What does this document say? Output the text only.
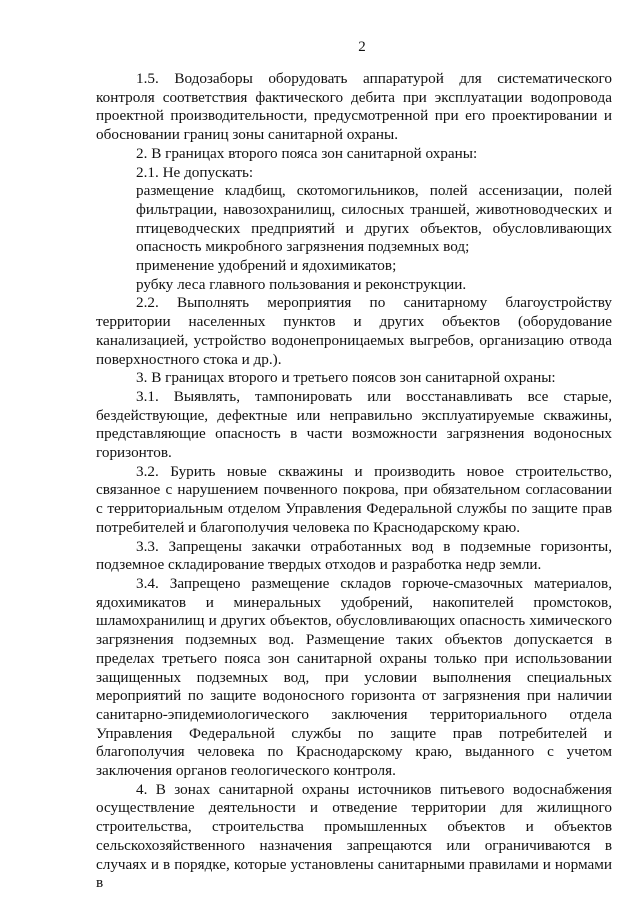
2

1.5. Водозаборы оборудовать аппаратурой для систематического контроля соответствия фактического дебита при эксплуатации водопровода проектной производительности, предусмотренной при его проектировании и обосновании границ зоны санитарной охраны.

2. В границах второго пояса зон санитарной охраны:

2.1. Не допускать:

размещение кладбищ, скотомогильников, полей ассенизации, полей фильтрации, навозохранилищ, силосных траншей, животноводческих и птицеводческих предприятий и других объектов, обусловливающих опасность микробного загрязнения подземных вод;

применение удобрений и ядохимикатов;

рубку леса главного пользования и реконструкции.

2.2. Выполнять мероприятия по санитарному благоустройству территории населенных пунктов и других объектов (оборудование канализацией, устройство водонепроницаемых выгребов, организацию отвода поверхностного стока и др.).

3. В границах второго и третьего поясов зон санитарной охраны:

3.1. Выявлять, тампонировать или восстанавливать все старые, бездействующие, дефектные или неправильно эксплуатируемые скважины, представляющие опасность в части возможности загрязнения водоносных горизонтов.

3.2. Бурить новые скважины и производить новое строительство, связанное с нарушением почвенного покрова, при обязательном согласовании с территориальным отделом Управления Федеральной службы по защите прав потребителей и благополучия человека по Краснодарскому краю.

3.3. Запрещены закачки отработанных вод в подземные горизонты, подземное складирование твердых отходов и разработка недр земли.

3.4. Запрещено размещение складов горюче-смазочных материалов, ядохимикатов и минеральных удобрений, накопителей промстоков, шламохранилищ и других объектов, обусловливающих опасность химического загрязнения подземных вод. Размещение таких объектов допускается в пределах третьего пояса зон санитарной охраны только при использовании защищенных подземных вод, при условии выполнения специальных мероприятий по защите водоносного горизонта от загрязнения при наличии санитарно-эпидемиологического заключения территориального отдела Управления Федеральной службы по защите прав потребителей и благополучия человека по Краснодарскому краю, выданного с учетом заключения органов геологического контроля.

4. В зонах санитарной охраны источников питьевого водоснабжения осуществление деятельности и отведение территории для жилищного строительства, строительства промышленных объектов и объектов сельскохозяйственного назначения запрещаются или ограничиваются в случаях и в порядке, которые установлены санитарными правилами и нормами в
